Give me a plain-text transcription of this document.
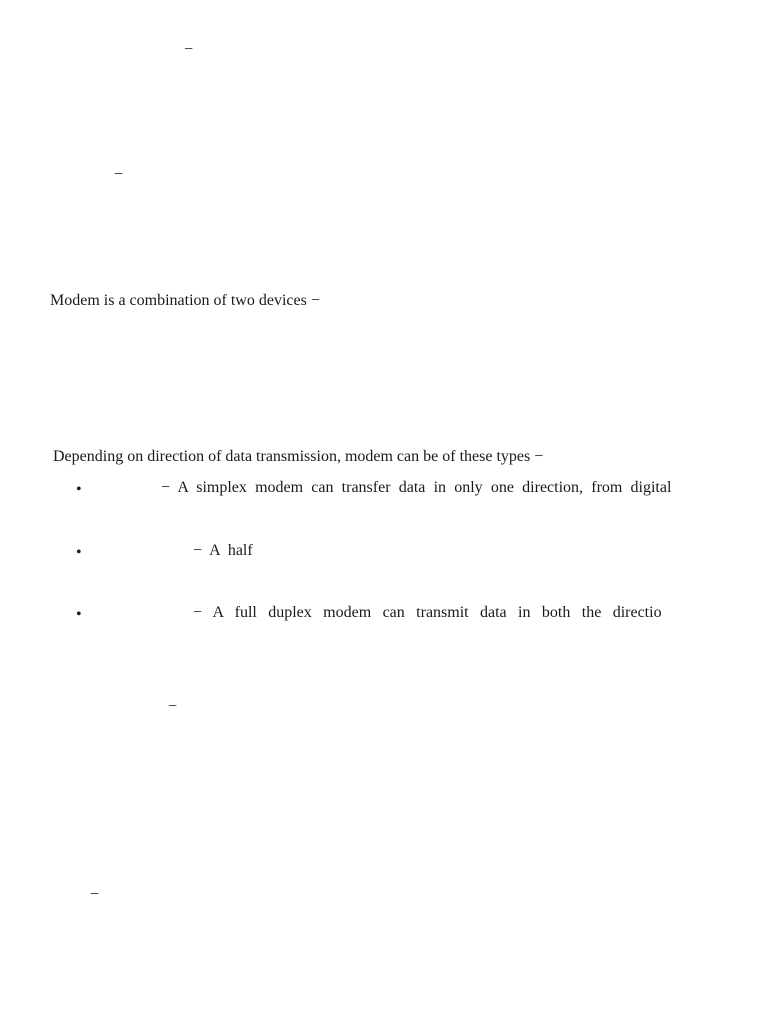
−
−
Modem is a combination of two devices −
Depending on direction of data transmission, modem can be of these types −
•	− A simplex modem can transfer data in only one direction, from digital
•	− A half
•	− A full duplex modem can transmit data in both the directio
−
−
